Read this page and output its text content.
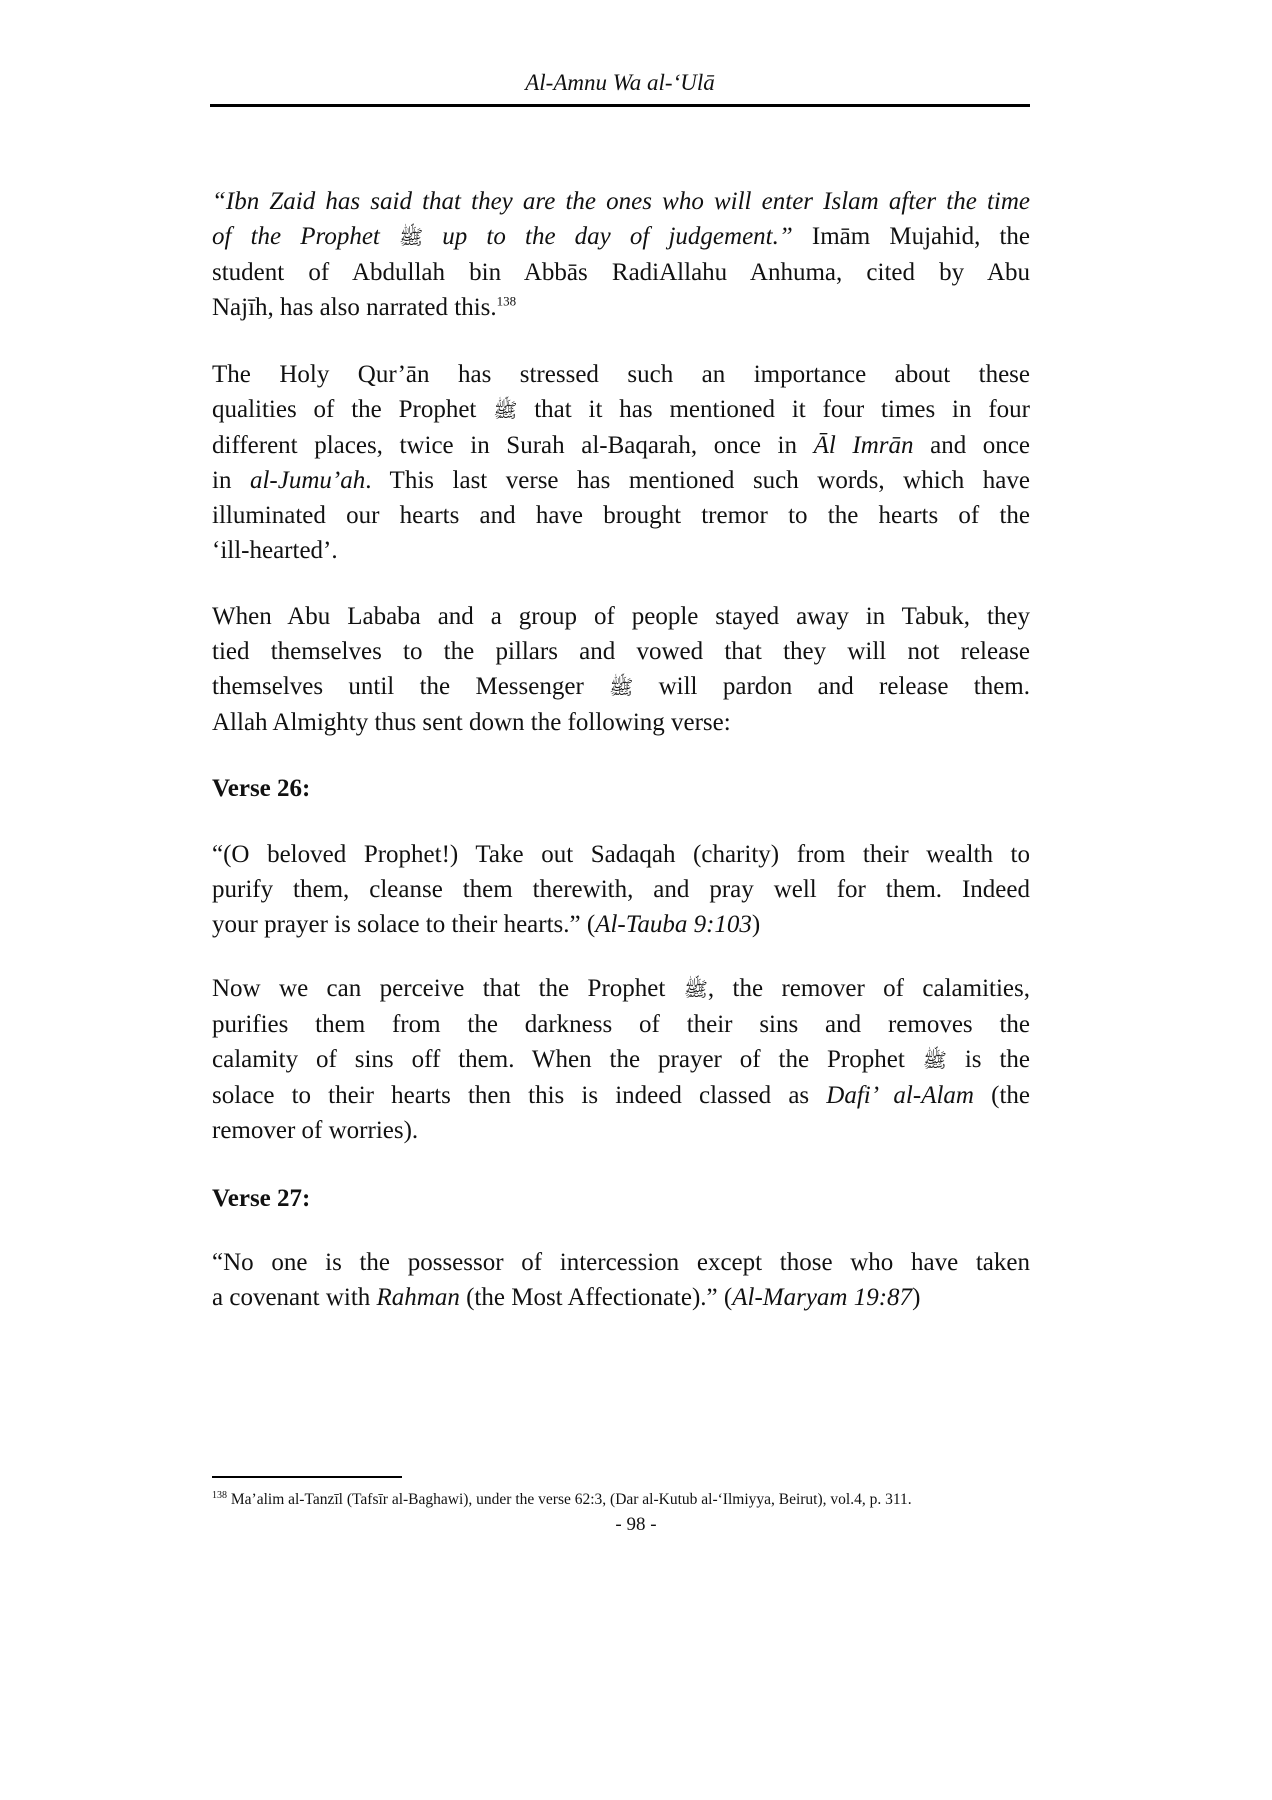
Al-Amnu Wa al-‘Ulā
“Ibn Zaid has said that they are the ones who will enter Islam after the time
of the Prophet ﷺ up to the day of judgement.” Imām Mujahid, the
student of Abdullah bin Abbās RadiAllahu Anhuma, cited by Abu
Najīh, has also narrated this.$^{138}$
The Holy Qur’ān has stressed such an importance about these
qualities of the Prophet ﷺ that it has mentioned it four times in four
different places, twice in Surah al-Baqarah, once in Āl Imrān and once
in al-Jumu’ah. This last verse has mentioned such words, which have
illuminated our hearts and have brought tremor to the hearts of the
‘ill-hearted’.
When Abu Lababa and a group of people stayed away in Tabuk, they
tied themselves to the pillars and vowed that they will not release
themselves until the Messenger ﷺ will pardon and release them.
Allah Almighty thus sent down the following verse:
Verse 26:
“(O beloved Prophet!) Take out Sadaqah (charity) from their wealth to
purify them, cleanse them therewith, and pray well for them. Indeed
your prayer is solace to their hearts.” (Al-Tauba 9:103)
Now we can perceive that the Prophet ﷺ, the remover of calamities,
purifies them from the darkness of their sins and removes the
calamity of sins off them. When the prayer of the Prophet ﷺ is the
solace to their hearts then this is indeed classed as Dafi’ al-Alam (the
remover of worries).
Verse 27:
“No one is the possessor of intercession except those who have taken
a covenant with Rahman (the Most Affectionate).” (Al-Maryam 19:87)
$^{138}$ Ma’alim al-Tanzīl (Tafsīr al-Baghawi), under the verse 62:3, (Dar al-Kutub al-‘Ilmiyya, Beirut), vol.4, p. 311.
- 98 -
